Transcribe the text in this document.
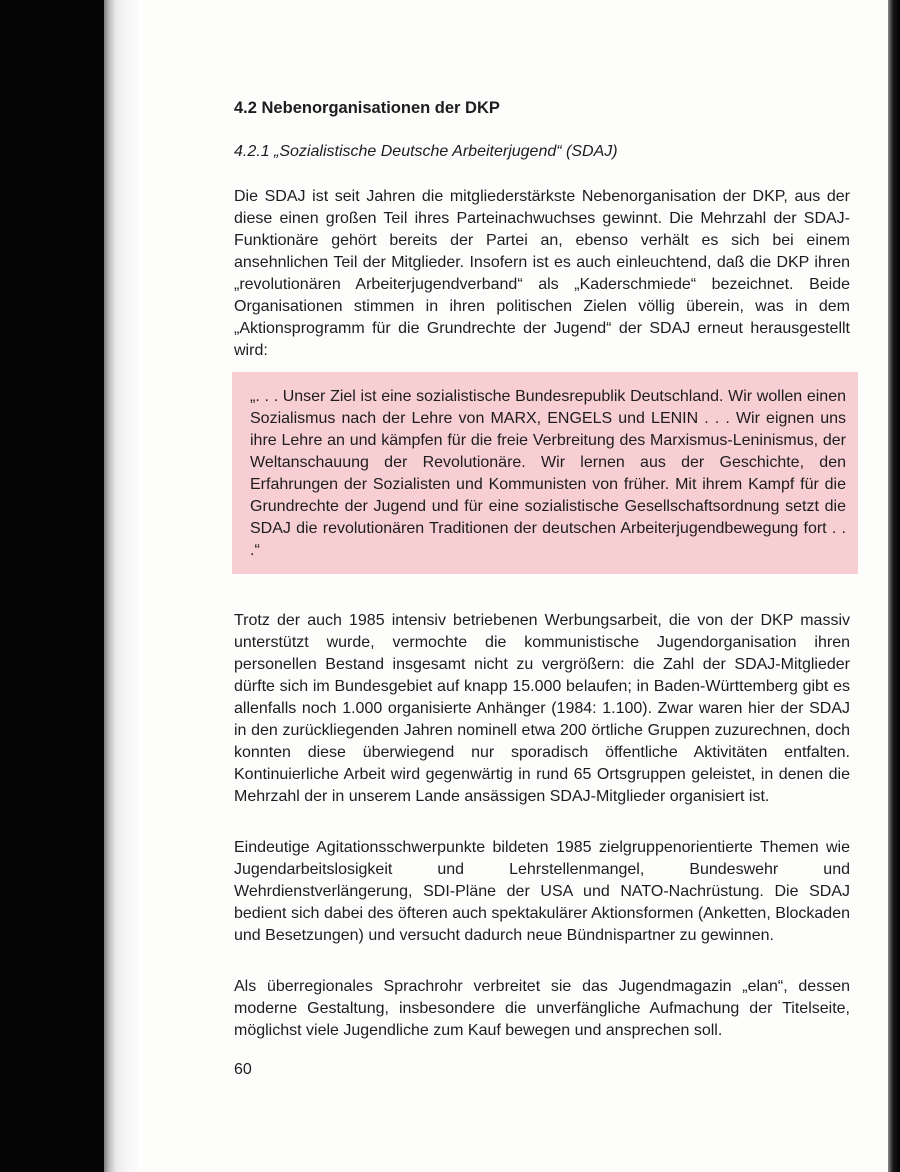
4.2 Nebenorganisationen der DKP
4.2.1 „Sozialistische Deutsche Arbeiterjugend“ (SDAJ)

Die SDAJ ist seit Jahren die mitgliederstärkste Nebenorganisation der DKP, aus der diese einen großen Teil ihres Parteinachwuchses gewinnt. Die Mehrzahl der SDAJ-Funktionäre gehört bereits der Partei an, ebenso verhält es sich bei einem ansehnlichen Teil der Mitglieder. Insofern ist es auch einleuchtend, daß die DKP ihren „revolutionären Arbeiterjugendverband“ als „Kaderschmiede“ bezeichnet. Beide Organisationen stimmen in ihren politischen Zielen völlig überein, was in dem „Aktionsprogramm für die Grundrechte der Jugend“ der SDAJ erneut herausgestellt wird:

„. . . Unser Ziel ist eine sozialistische Bundesrepublik Deutschland. Wir wollen einen Sozialismus nach der Lehre von MARX, ENGELS und LENIN . . . Wir eignen uns ihre Lehre an und kämpfen für die freie Verbreitung des Marxismus-Leninismus, der Weltanschauung der Revolutionäre. Wir lernen aus der Geschichte, den Erfahrungen der Sozialisten und Kommunisten von früher. Mit ihrem Kampf für die Grundrechte der Jugend und für eine sozialistische Gesellschaftsordnung setzt die SDAJ die revolutionären Traditionen der deutschen Arbeiterjugendbewegung fort . . .“

Trotz der auch 1985 intensiv betriebenen Werbungsarbeit, die von der DKP massiv unterstützt wurde, vermochte die kommunistische Jugendorganisation ihren personellen Bestand insgesamt nicht zu vergrößern: die Zahl der SDAJ-Mitglieder dürfte sich im Bundesgebiet auf knapp 15.000 belaufen; in Baden-Württemberg gibt es allenfalls noch 1.000 organisierte Anhänger (1984: 1.100). Zwar waren hier der SDAJ in den zurückliegenden Jahren nominell etwa 200 örtliche Gruppen zuzurechnen, doch konnten diese überwiegend nur sporadisch öffentliche Aktivitäten entfalten. Kontinuierliche Arbeit wird gegenwärtig in rund 65 Ortsgruppen geleistet, in denen die Mehrzahl der in unserem Lande ansässigen SDAJ-Mitglieder organisiert ist.

Eindeutige Agitationsschwerpunkte bildeten 1985 zielgruppenorientierte Themen wie Jugendarbeitslosigkeit und Lehrstellenmangel, Bundeswehr und Wehrdienstverlängerung, SDI-Pläne der USA und NATO-Nachrüstung. Die SDAJ bedient sich dabei des öfteren auch spektakulärer Aktionsformen (Anketten, Blockaden und Besetzungen) und versucht dadurch neue Bündnispartner zu gewinnen.

Als überregionales Sprachrohr verbreitet sie das Jugendmagazin „elan“, dessen moderne Gestaltung, insbesondere die unverfängliche Aufmachung der Titelseite, möglichst viele Jugendliche zum Kauf bewegen und ansprechen soll.

60
